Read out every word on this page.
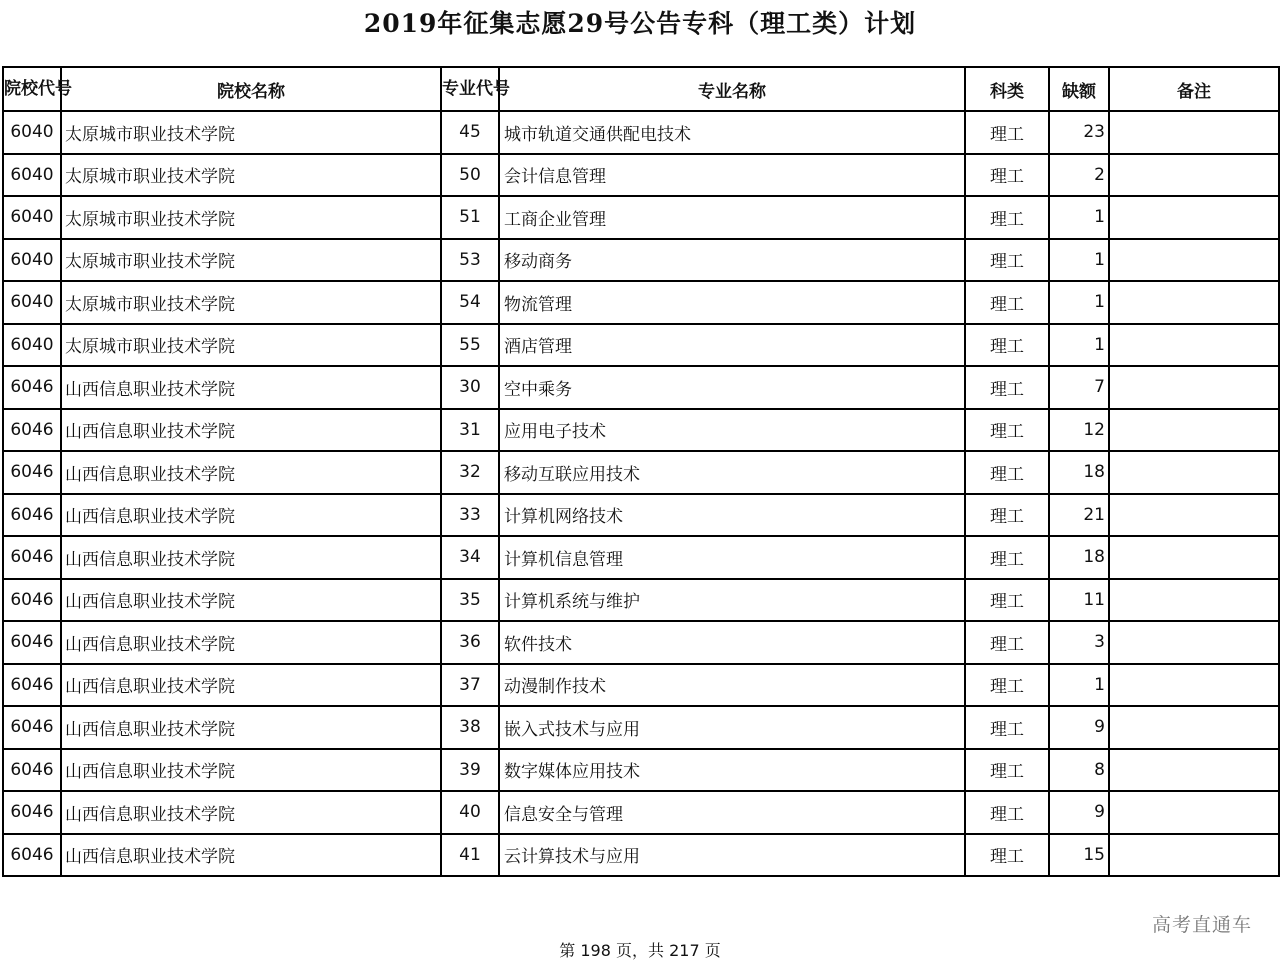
2019年征集志愿29号公告专科（理工类）计划
院校代号	院校名称	专业代号	专业名称	科类	缺额	备注
6040	太原城市职业技术学院	45	城市轨道交通供配电技术	理工	23	
6040	太原城市职业技术学院	50	会计信息管理	理工	2	
6040	太原城市职业技术学院	51	工商企业管理	理工	1	
6040	太原城市职业技术学院	53	移动商务	理工	1	
6040	太原城市职业技术学院	54	物流管理	理工	1	
6040	太原城市职业技术学院	55	酒店管理	理工	1	
6046	山西信息职业技术学院	30	空中乘务	理工	7	
6046	山西信息职业技术学院	31	应用电子技术	理工	12	
6046	山西信息职业技术学院	32	移动互联应用技术	理工	18	
6046	山西信息职业技术学院	33	计算机网络技术	理工	21	
6046	山西信息职业技术学院	34	计算机信息管理	理工	18	
6046	山西信息职业技术学院	35	计算机系统与维护	理工	11	
6046	山西信息职业技术学院	36	软件技术	理工	3	
6046	山西信息职业技术学院	37	动漫制作技术	理工	1	
6046	山西信息职业技术学院	38	嵌入式技术与应用	理工	9	
6046	山西信息职业技术学院	39	数字媒体应用技术	理工	8	
6046	山西信息职业技术学院	40	信息安全与管理	理工	9	
6046	山西信息职业技术学院	41	云计算技术与应用	理工	15	
高考直通车
第 198 页，共 217 页
